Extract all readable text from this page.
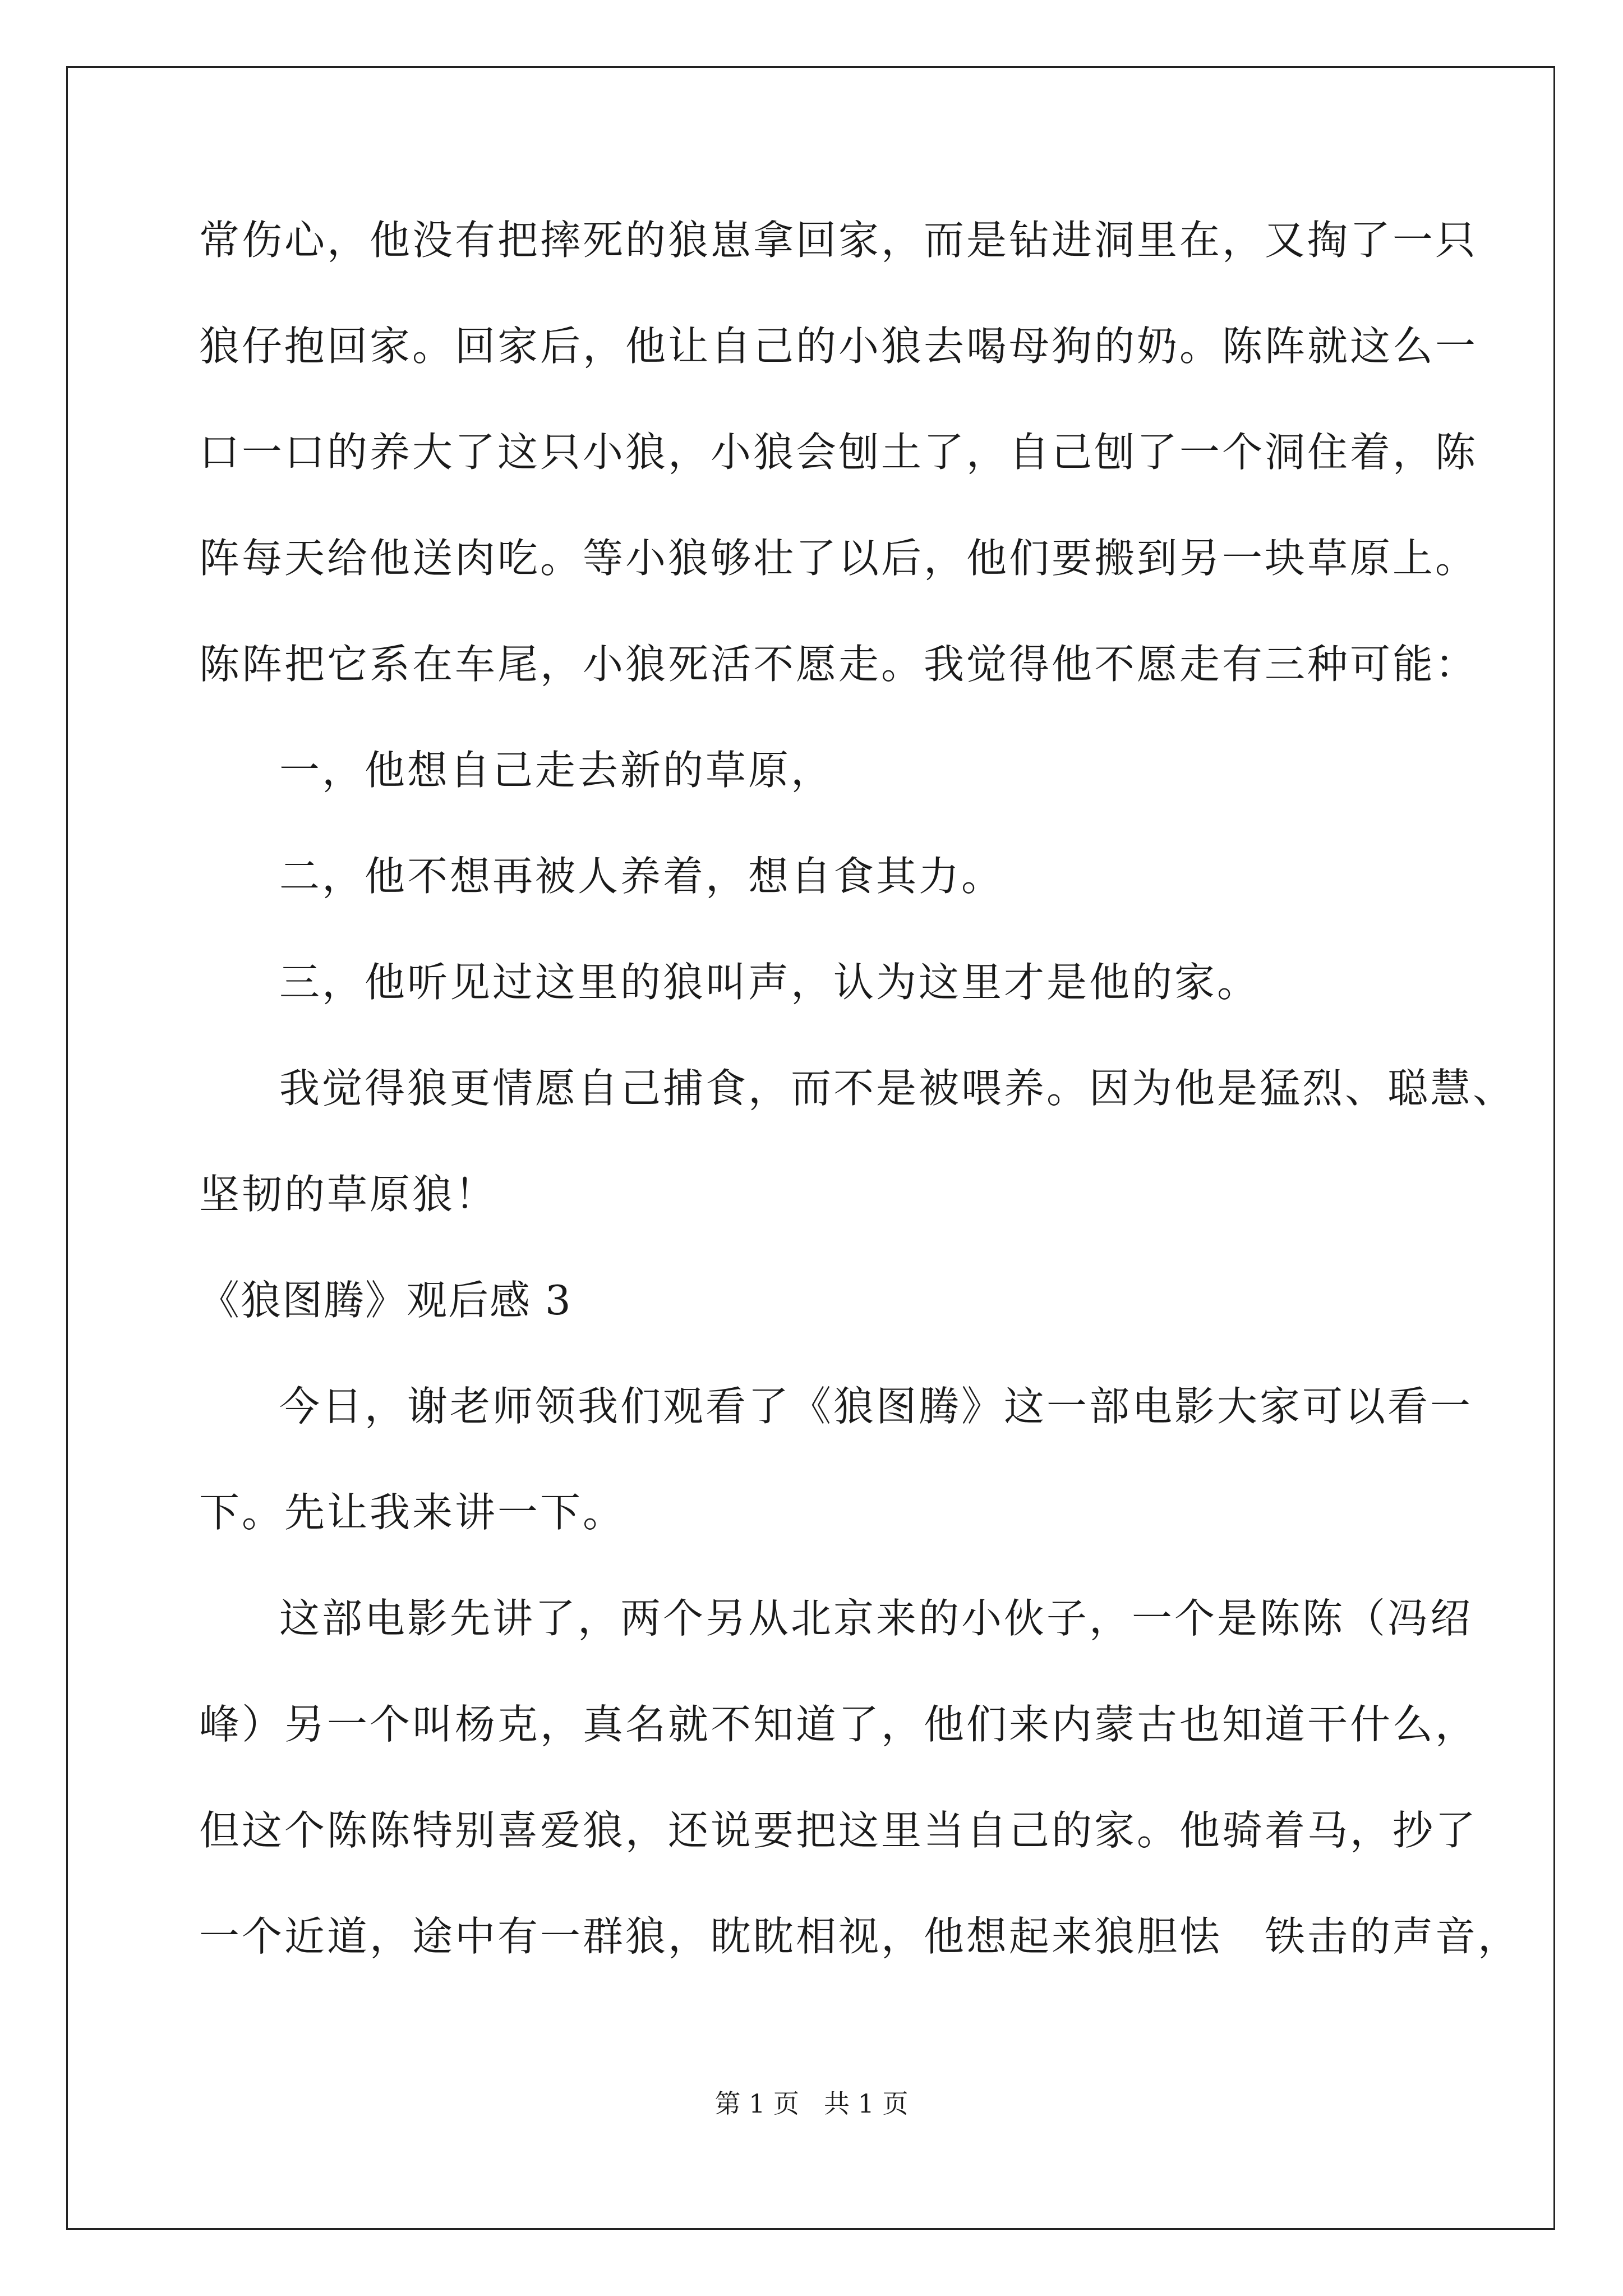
常伤心，他没有把摔死的狼崽拿回家，而是钻进洞里在，又掏了一只
狼仔抱回家。回家后，他让自己的小狼去喝母狗的奶。陈阵就这么一
口一口的养大了这只小狼，小狼会刨土了，自己刨了一个洞住着，陈
阵每天给他送肉吃。等小狼够壮了以后，他们要搬到另一块草原上。
陈阵把它系在车尾，小狼死活不愿走。我觉得他不愿走有三种可能：
一，他想自己走去新的草原，
二，他不想再被人养着，想自食其力。
三，他听见过这里的狼叫声，认为这里才是他的家。
我觉得狼更情愿自己捕食，而不是被喂养。因为他是猛烈、聪慧、
坚韧的草原狼！
《狼图腾》观后感 3
今日，谢老师领我们观看了《狼图腾》这一部电影大家可以看一
下。先让我来讲一下。
这部电影先讲了，两个另从北京来的小伙子，一个是陈陈（冯绍
峰）另一个叫杨克，真名就不知道了，他们来内蒙古也知道干什么，
但这个陈陈特别喜爱狼，还说要把这里当自己的家。他骑着马，抄了
一个近道，途中有一群狼，眈眈相视，他想起来狼胆怯　铁击的声音，
第 1 页 共 1 页
